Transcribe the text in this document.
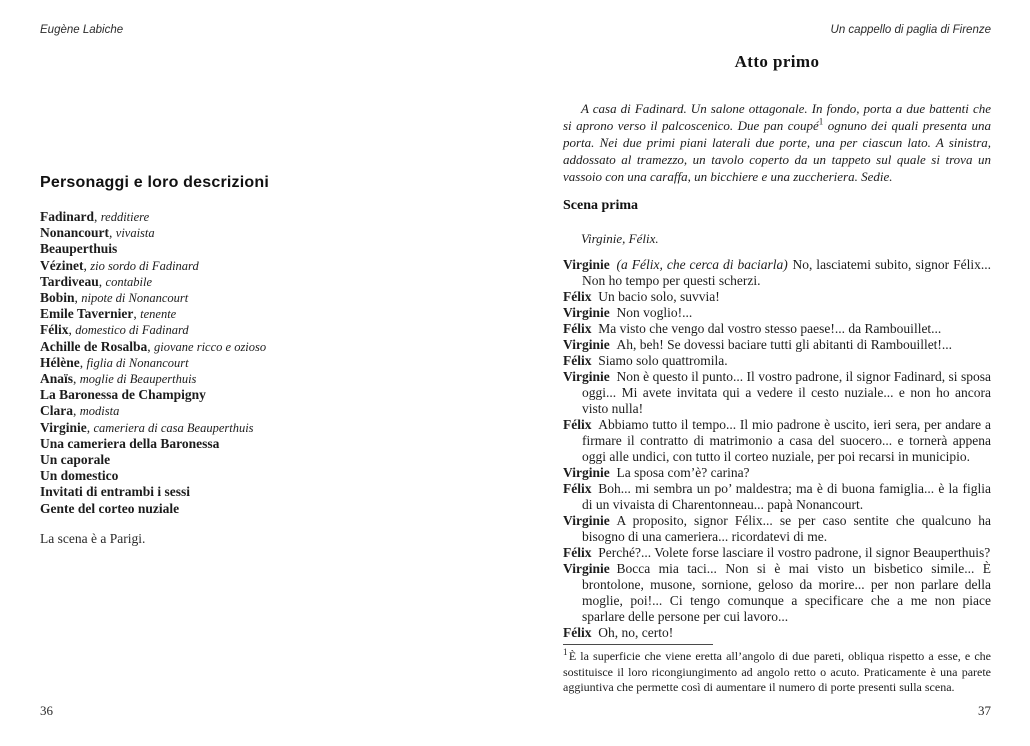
Eugène Labiche
Personaggi e loro descrizioni
Fadinard, redditiere
Nonancourt, vivaista
Beauperthuis
Vézinet, zio sordo di Fadinard
Tardiveau, contabile
Bobin, nipote di Nonancourt
Emile Tavernier, tenente
Félix, domestico di Fadinard
Achille de Rosalba, giovane ricco e ozioso
Hélène, figlia di Nonancourt
Anaïs, moglie di Beauperthuis
La Baronessa de Champigny
Clara, modista
Virginie, cameriera di casa Beauperthuis
Una cameriera della Baronessa
Un caporale
Un domestico
Invitati di entrambi i sessi
Gente del corteo nuziale

La scena è a Parigi.

36
Un cappello di paglia di Firenze
Atto primo

A casa di Fadinard. Un salone ottagonale. In fondo, porta a due battenti che si aprono verso il palcoscenico. Due pan coupé$^1$ ognuno dei quali presenta una porta. Nei due primi piani laterali due porte, una per ciascun lato. A sinistra, addossato al tramezzo, un tavolo coperto da un tappeto sul quale si trova un vassoio con una caraffa, un bicchiere e una zuccheriera. Sedie.

Scena prima

Virginie, Félix.

Virginie (a Félix, che cerca di baciarla) No, lasciatemi subito, signor Félix... Non ho tempo per questi scherzi.

Félix Un bacio solo, suvvia!

Virginie Non voglio!...

Félix Ma visto che vengo dal vostro stesso paese!... da Rambouillet...

Virginie Ah, beh! Se dovessi baciare tutti gli abitanti di Rambouillet!...

Félix Siamo solo quattromila.

Virginie Non è questo il punto... Il vostro padrone, il signor Fadinard, si sposa oggi... Mi avete invitata qui a vedere il cesto nuziale... e non ho ancora visto nulla!

Félix Abbiamo tutto il tempo... Il mio padrone è uscito, ieri sera, per andare a firmare il contratto di matrimonio a casa del suocero... e tornerà appena oggi alle undici, con tutto il corteo nuziale, per poi recarsi in municipio.

Virginie La sposa com’è? carina?

Félix Boh... mi sembra un po’ maldestra; ma è di buona famiglia... è la figlia di un vivaista di Charentonneau... papà Nonancourt.

Virginie A proposito, signor Félix... se per caso sentite che qualcuno ha bisogno di una cameriera... ricordatevi di me.

Félix Perché?... Volete forse lasciare il vostro padrone, il signor Beauperthuis?

Virginie Bocca mia taci... Non si è mai visto un bisbetico simile... È brontolone, musone, sornione, geloso da morire... per non parlare della moglie, poi!... Ci tengo comunque a specificare che a me non piace sparlare delle persone per cui lavoro...

Félix Oh, no, certo!

$^1$È la superficie che viene eretta all’angolo di due pareti, obliqua rispetto a esse, e che sostituisce il loro ricongiungimento ad angolo retto o acuto. Praticamente è una parete aggiuntiva che permette così di aumentare il numero di porte presenti sulla scena.

37
